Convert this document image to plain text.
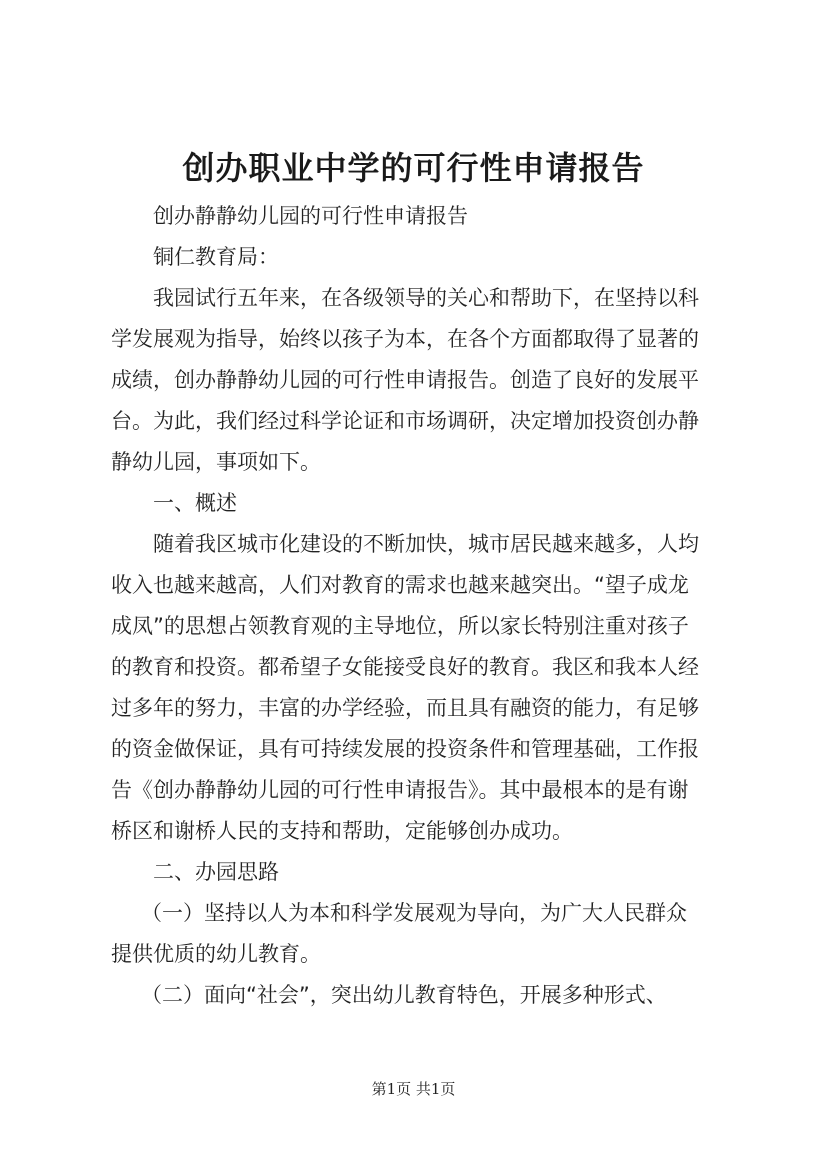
创办职业中学的可行性申请报告
创办静静幼儿园的可行性申请报告
铜仁教育局：
我园试行五年来，在各级领导的关心和帮助下，在坚持以科
学发展观为指导，始终以孩子为本，在各个方面都取得了显著的
成绩，创办静静幼儿园的可行性申请报告。创造了良好的发展平
台。为此，我们经过科学论证和市场调研，决定增加投资创办静
静幼儿园，事项如下。
一、概述
随着我区城市化建设的不断加快，城市居民越来越多，人均
收入也越来越高，人们对教育的需求也越来越突出。“望子成龙
成凤”的思想占领教育观的主导地位，所以家长特别注重对孩子
的教育和投资。都希望子女能接受良好的教育。我区和我本人经
过多年的努力，丰富的办学经验，而且具有融资的能力，有足够
的资金做保证，具有可持续发展的投资条件和管理基础，工作报
告《创办静静幼儿园的可行性申请报告》。其中最根本的是有谢
桥区和谢桥人民的支持和帮助，定能够创办成功。
二、办园思路
（一）坚持以人为本和科学发展观为导向，为广大人民群众
提供优质的幼儿教育。
（二）面向“社会”，突出幼儿教育特色，开展多种形式、
第1页 共1页
